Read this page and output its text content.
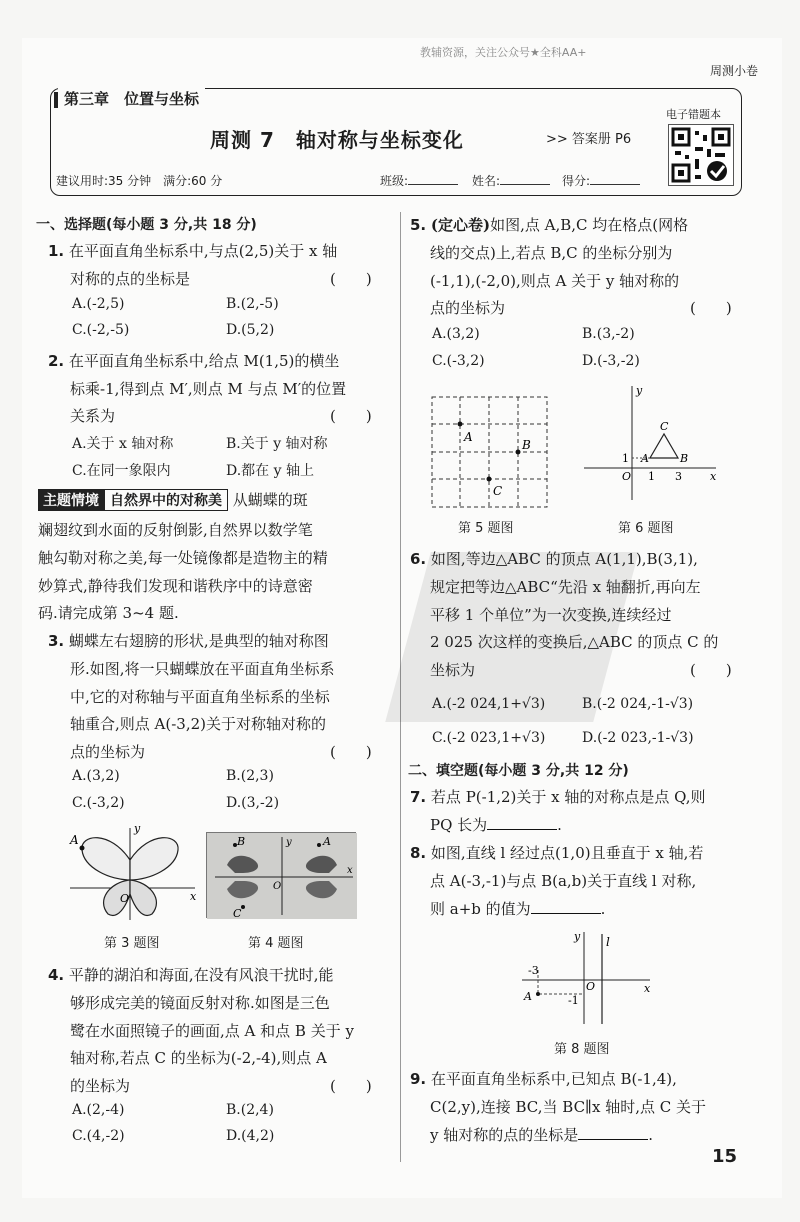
教辅资源，关注公众号★全科AA+
周测小卷
第三章　位置与坐标
周测 7　轴对称与坐标变化	>> 答案册 P6
电子错题本
建议用时:35 分钟　满分:60 分	班级:	姓名:	得分:
一、选择题(每小题 3 分,共 18 分)
1. 在平面直角坐标系中,与点(2,5)关于 x 轴
对称的点的坐标是	(　　)
A.(-2,5)	B.(2,-5)
C.(-2,-5)	D.(5,2)
2. 在平面直角坐标系中,给点 M(1,5)的横坐
标乘-1,得到点 M′,则点 M 与点 M′的位置
关系为	(　　)
A.关于 x 轴对称	B.关于 y 轴对称
C.在同一象限内	D.都在 y 轴上
主题情境 自然界中的对称美 从蝴蝶的斑
斓翅纹到水面的反射倒影,自然界以数学笔
触勾勒对称之美,每一处镜像都是造物主的精
妙算式,静待我们发现和谐秩序中的诗意密
码.请完成第 3~4 题.
3. 蝴蝶左右翅膀的形状,是典型的轴对称图
形.如图,将一只蝴蝶放在平面直角坐标系
中,它的对称轴与平面直角坐标系的坐标
轴重合,则点 A(-3,2)关于对称轴对称的
点的坐标为	(　　)
A.(3,2)	B.(2,3)
C.(-3,2)	D.(3,-2)
A
y
x
O
第 3 题图
B	A
C
y
x
O
第 4 题图
4. 平静的湖泊和海面,在没有风浪干扰时,能
够形成完美的镜面反射对称.如图是三色
鹭在水面照镜子的画面,点 A 和点 B 关于 y
轴对称,若点 C 的坐标为(-2,-4),则点 A
的坐标为	(　　)
A.(2,-4)	B.(2,4)
C.(4,-2)	D.(4,2)
5. (定心卷)如图,点 A,B,C 均在格点(网格
线的交点)上,若点 B,C 的坐标分别为
(-1,1),(-2,0),则点 A 关于 y 轴对称的
点的坐标为	(　　)
A.(3,2)	B.(3,-2)
C.(-3,2)	D.(-3,-2)
A
B
C
第 5 题图
y
x
O
1
1 3
A	B
C
第 6 题图
6. 如图,等边△ABC 的顶点 A(1,1),B(3,1),
规定把等边△ABC“先沿 x 轴翻折,再向左
平移 1 个单位”为一次变换,连续经过
2 025 次这样的变换后,△ABC 的顶点 C 的
坐标为	(　　)
A.(-2 024,1+√3)	B.(-2 024,-1-√3)
C.(-2 023,1+√3)	D.(-2 023,-1-√3)
二、填空题(每小题 3 分,共 12 分)
7. 若点 P(-1,2)关于 x 轴的对称点是点 Q,则
PQ 长为	.
8. 如图,直线 l 经过点(1,0)且垂直于 x 轴,若
点 A(-3,-1)与点 B(a,b)关于直线 l 对称,
则 a+b 的值为	.
y l
x
O
-3
-1
A
第 8 题图
9. 在平面直角坐标系中,已知点 B(-1,4),
C(2,y),连接 BC,当 BC∥x 轴时,点 C 关于
y 轴对称的点的坐标是	.
15
